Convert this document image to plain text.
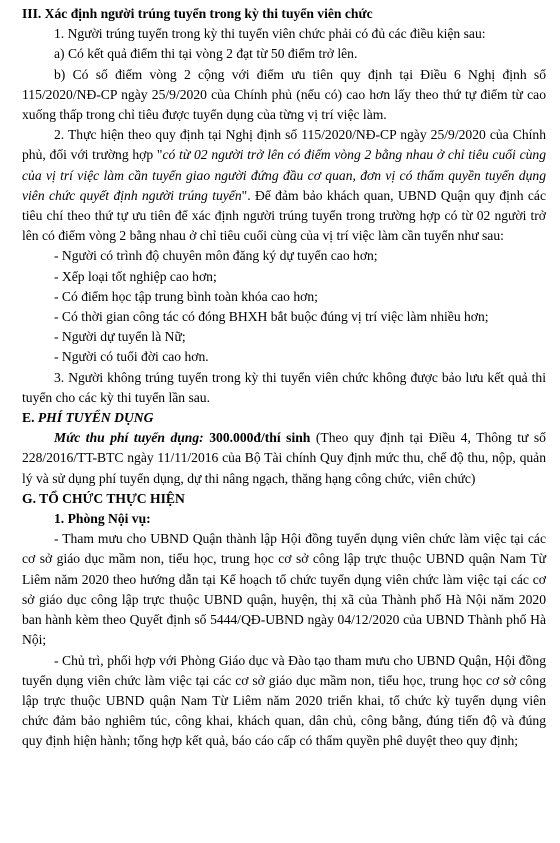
III. Xác định người trúng tuyển trong kỳ thi tuyển viên chức

1. Người trúng tuyển trong kỳ thi tuyển viên chức phải có đủ các điều kiện sau:

a) Có kết quả điểm thi tại vòng 2 đạt từ 50 điểm trở lên.

b) Có số điểm vòng 2 cộng với điểm ưu tiên quy định tại Điều 6 Nghị định số 115/2020/NĐ-CP ngày 25/9/2020 của Chính phủ (nếu có) cao hơn lấy theo thứ tự điểm từ cao xuống thấp trong chỉ tiêu được tuyển dụng của từng vị trí việc làm.

2. Thực hiện theo quy định tại Nghị định số 115/2020/NĐ-CP ngày 25/9/2020 của Chính phủ, đối với trường hợp "có từ 02 người trở lên có điểm vòng 2 bằng nhau ở chỉ tiêu cuối cùng của vị trí việc làm cần tuyển giao người đứng đầu cơ quan, đơn vị có thẩm quyền tuyển dụng viên chức quyết định người trúng tuyển". Để đảm bảo khách quan, UBND Quận quy định các tiêu chí theo thứ tự ưu tiên để xác định người trúng tuyển trong trường hợp có từ 02 người trở lên có điểm vòng 2 bằng nhau ở chỉ tiêu cuối cùng của vị trí việc làm cần tuyển như sau:

- Người có trình độ chuyên môn đăng ký dự tuyển cao hơn;

- Xếp loại tốt nghiệp cao hơn;

- Có điểm học tập trung bình toàn khóa cao hơn;

- Có thời gian công tác có đóng BHXH bắt buộc đúng vị trí việc làm nhiều hơn;

- Người dự tuyển là Nữ;

- Người có tuổi đời cao hơn.

3. Người không trúng tuyển trong kỳ thi tuyển viên chức không được bảo lưu kết quả thi tuyển cho các kỳ thi tuyển lần sau.

E. PHÍ TUYỂN DỤNG

Mức thu phí tuyển dụng: 300.000đ/thí sinh (Theo quy định tại Điều 4, Thông tư số 228/2016/TT-BTC ngày 11/11/2016 của Bộ Tài chính Quy định mức thu, chế độ thu, nộp, quản lý và sử dụng phí tuyển dụng, dự thi nâng ngạch, thăng hạng công chức, viên chức)

G. TỔ CHỨC THỰC HIỆN

1. Phòng Nội vụ:

- Tham mưu cho UBND Quận thành lập Hội đồng tuyển dụng viên chức làm việc tại các cơ sở giáo dục mầm non, tiểu học, trung học cơ sở công lập trực thuộc UBND quận Nam Từ Liêm năm 2020 theo hướng dẫn tại Kế hoạch tổ chức tuyển dụng viên chức làm việc tại các cơ sở giáo dục công lập trực thuộc UBND quận, huyện, thị xã của Thành phố Hà Nội năm 2020 ban hành kèm theo Quyết định số 5444/QĐ-UBND ngày 04/12/2020 của UBND Thành phố Hà Nội;

- Chủ trì, phối hợp với Phòng Giáo dục và Đào tạo tham mưu cho UBND Quận, Hội đồng tuyển dụng viên chức làm việc tại các cơ sở giáo dục mầm non, tiểu học, trung học cơ sở công lập trực thuộc UBND quận Nam Từ Liêm năm 2020 triển khai, tổ chức kỳ tuyển dụng viên chức đảm bảo nghiêm túc, công khai, khách quan, dân chủ, công bằng, đúng tiến độ và đúng quy định hiện hành; tổng hợp kết quả, báo cáo cấp có thẩm quyền phê duyệt theo quy định;
